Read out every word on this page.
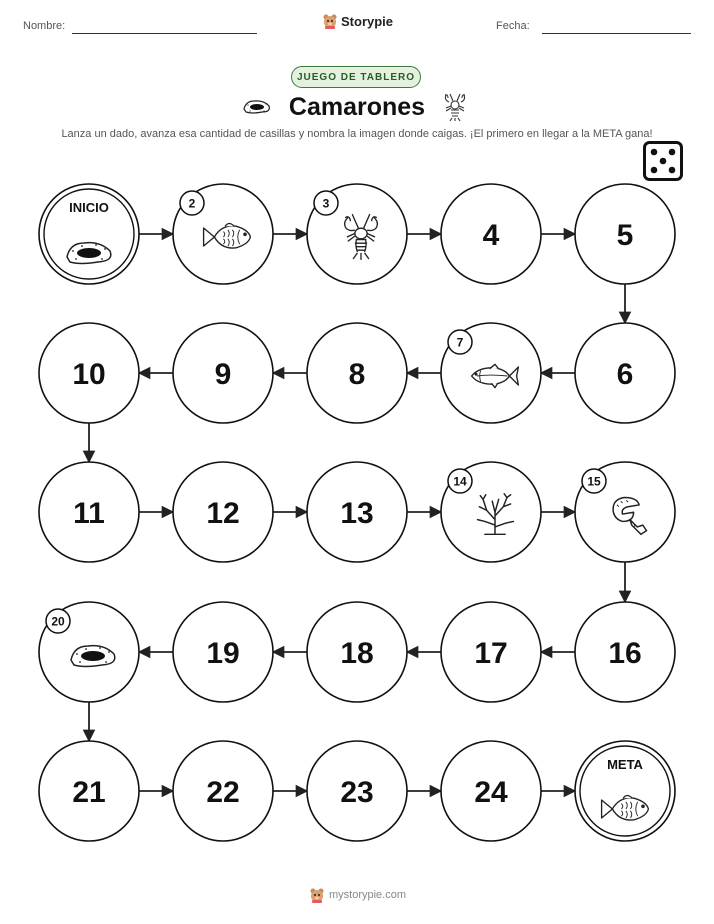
Nombre:	Storypie	Fecha:
JUEGO DE TABLERO
Camarones
Lanza un dado, avanza esa cantidad de casillas y nombra la imagen donde caigas. ¡El primero en llegar a la META gana!
INICIO	2	3
4	5
6
7
8
9
10
11	12	13
14	15
16
17
18
19
20
21	22	23	24
META
mystorypie.com
